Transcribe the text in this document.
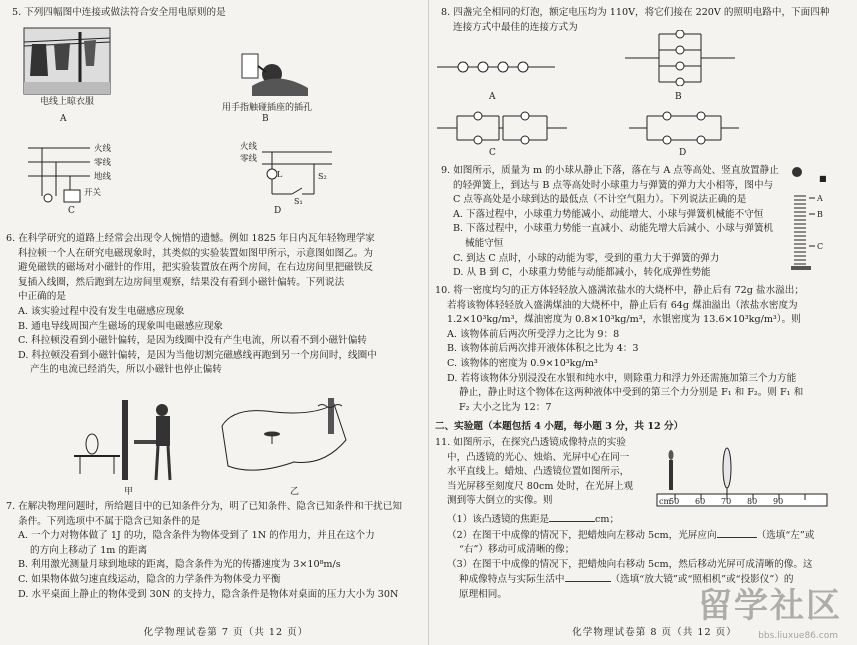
5. 下列四幅图中连接或做法符合安全用电原则的是
电线上晾衣服
A
用手指触碰插座的插孔
B
火线
零线
地线
开关
C
火线
零线
L	S₂
S₁
D
6. 在科学研究的道路上经常会出现令人惋惜的遗憾。例如 1825 年日内瓦年轻物理学家
科拉顿一个人在研究电磁现象时，其类似的实验装置如图甲所示，示意图如图乙。为
避免磁铁的磁场对小磁针的作用，把实验装置放在两个房间，在右边房间里把磁铁反
复插入线圈，然后跑到左边房间里观察，结果没有看到小磁针偏转。下列说法
中正确的是
A. 该实验过程中没有发生电磁感应现象
B. 通电导线周围产生磁场的现象叫电磁感应现象
C. 科拉顿没看到小磁针偏转，是因为线圈中没有产生电流，所以看不到小磁针偏转
D. 科拉顿没看到小磁针偏转，是因为当他切割完磁感线再跑到另一个房间时，线圈中
产生的电流已经消失，所以小磁针也停止偏转
甲	乙
7. 在解决物理问题时，所给题目中的已知条件分为，明了已知条件、隐含已知条件和干扰已知
条件。下列选项中不属于隐含已知条件的是
A. 一个力对物体做了 1J 的功，隐含条件为物体受到了 1N 的作用力，并且在这个力
的方向上移动了 1m 的距离
B. 利用激光测量月球到地球的距离，隐含条件为光的传播速度为 3×10⁸m/s
C. 如果物体做匀速直线运动，隐含的力学条件为物体受力平衡
D. 水平桌面上静止的物体受到 30N 的支持力，隐含条件是物体对桌面的压力大小为 30N
化学物理试卷第 7 页（共 12 页）
8. 四盏完全相同的灯泡，额定电压均为 110V，将它们接在 220V 的照明电路中，下面四种
连接方式中最佳的连接方式为
A	B
C	D
9. 如图所示，质量为 m 的小球从静止下落，落在与 A 点等高处、竖直放置静止
的轻弹簧上，到达与 B 点等高处时小球重力与弹簧的弹力大小相等，图中与
C 点等高处是小球到达的最低点（不计空气阻力）。下列说法正确的是
A. 下落过程中，小球重力势能减小、动能增大、小球与弹簧机械能不守恒
B. 下落过程中，小球重力势能一直减小、动能先增大后减小、小球与弹簧机
械能守恒
C. 到达 C 点时，小球的动能为零，受到的重力大于弹簧的弹力
D. 从 B 到 C，小球重力势能与动能都减小，转化成弹性势能
■
A
B
C
10. 将一密度均匀的正方体轻轻放入盛满浓盐水的大烧杯中，静止后有 72g 盐水溢出；
若将该物体轻轻放入盛满煤油的大烧杯中，静止后有 64g 煤油溢出（浓盐水密度为
1.2×10³kg/m³，煤油密度为 0.8×10³kg/m³，水银密度为 13.6×10³kg/m³）。则
A. 该物体前后两次所受浮力之比为 9：8
B. 该物体前后两次排开液体体积之比为 4：3
C. 该物体的密度为 0.9×10³kg/m³
D. 若将该物体分别浸没在水银和纯水中，则除重力和浮力外还需施加第三个力方能
静止，静止时这个物体在这两种液体中受到的第三个力分别是 F₁ 和 F₂。则 F₁ 和
F₂ 大小之比为 12：7
二、实验题（本题包括 4 小题，每小题 3 分，共 12 分）
11. 如图所示，在探究凸透镜成像特点的实验
中，凸透镜的光心、烛焰、光屏中心在同一
水平直线上。蜡烛、凸透镜位置如图所示，
当光屏移至刻度尺 80cm 处时，在光屏上观
测到等大倒立的实像。则	cm
50 60 70 80 90
（1）该凸透镜的焦距是	cm；
（2）在图干中成像的情况下，把蜡烛向左移动 5cm，光屏应向	（选填“左”或
“右”）移动可成清晰的像；
（3）在图干中成像的情况下，把蜡烛向右移动 5cm，然后移动光屏可成清晰的像。这
种成像特点与实际生活中	（选填“放大镜”或“照相机”或“投影仪”）的
原理相同。
化学物理试卷第 8 页（共 12 页）
留学社区
bbs.liuxue86.com
